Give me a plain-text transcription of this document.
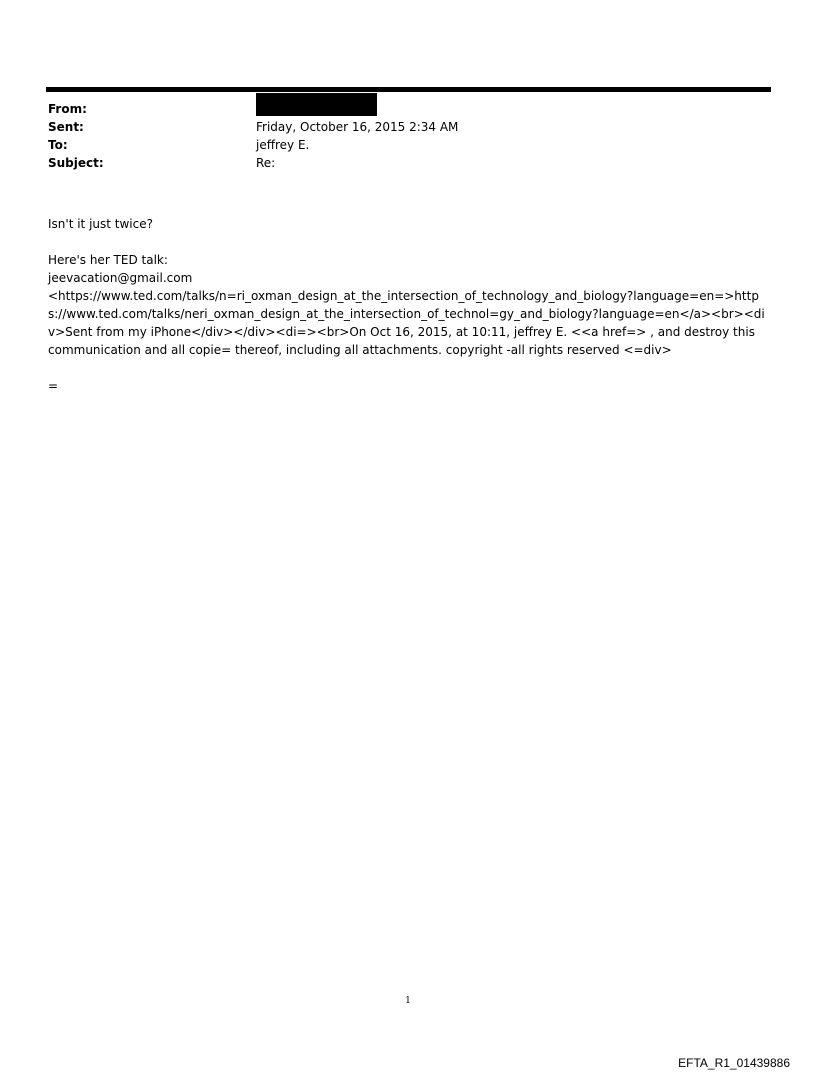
From:
Sent:	Friday, October 16, 2015 2:34 AM
To:	jeffrey E.
Subject:	Re:

Isn't it just twice?

Here's her TED talk:

jeevacation@gmail.com

<https://www.ted.com/talks/n=ri_oxman_design_at_the_intersection_of_technology_and_biology?language=en=>http

s://www.ted.com/talks/neri_oxman_design_at_the_intersection_of_technol=gy_and_biology?language=en</a><br><di

v>Sent from my iPhone</div></div><di=><br>On Oct 16, 2015, at 10:11, jeffrey E. <<a href=> , and destroy this

communication and all copie= thereof, including all attachments. copyright -all rights reserved <=div>

=

1
EFTA_R1_01439886
